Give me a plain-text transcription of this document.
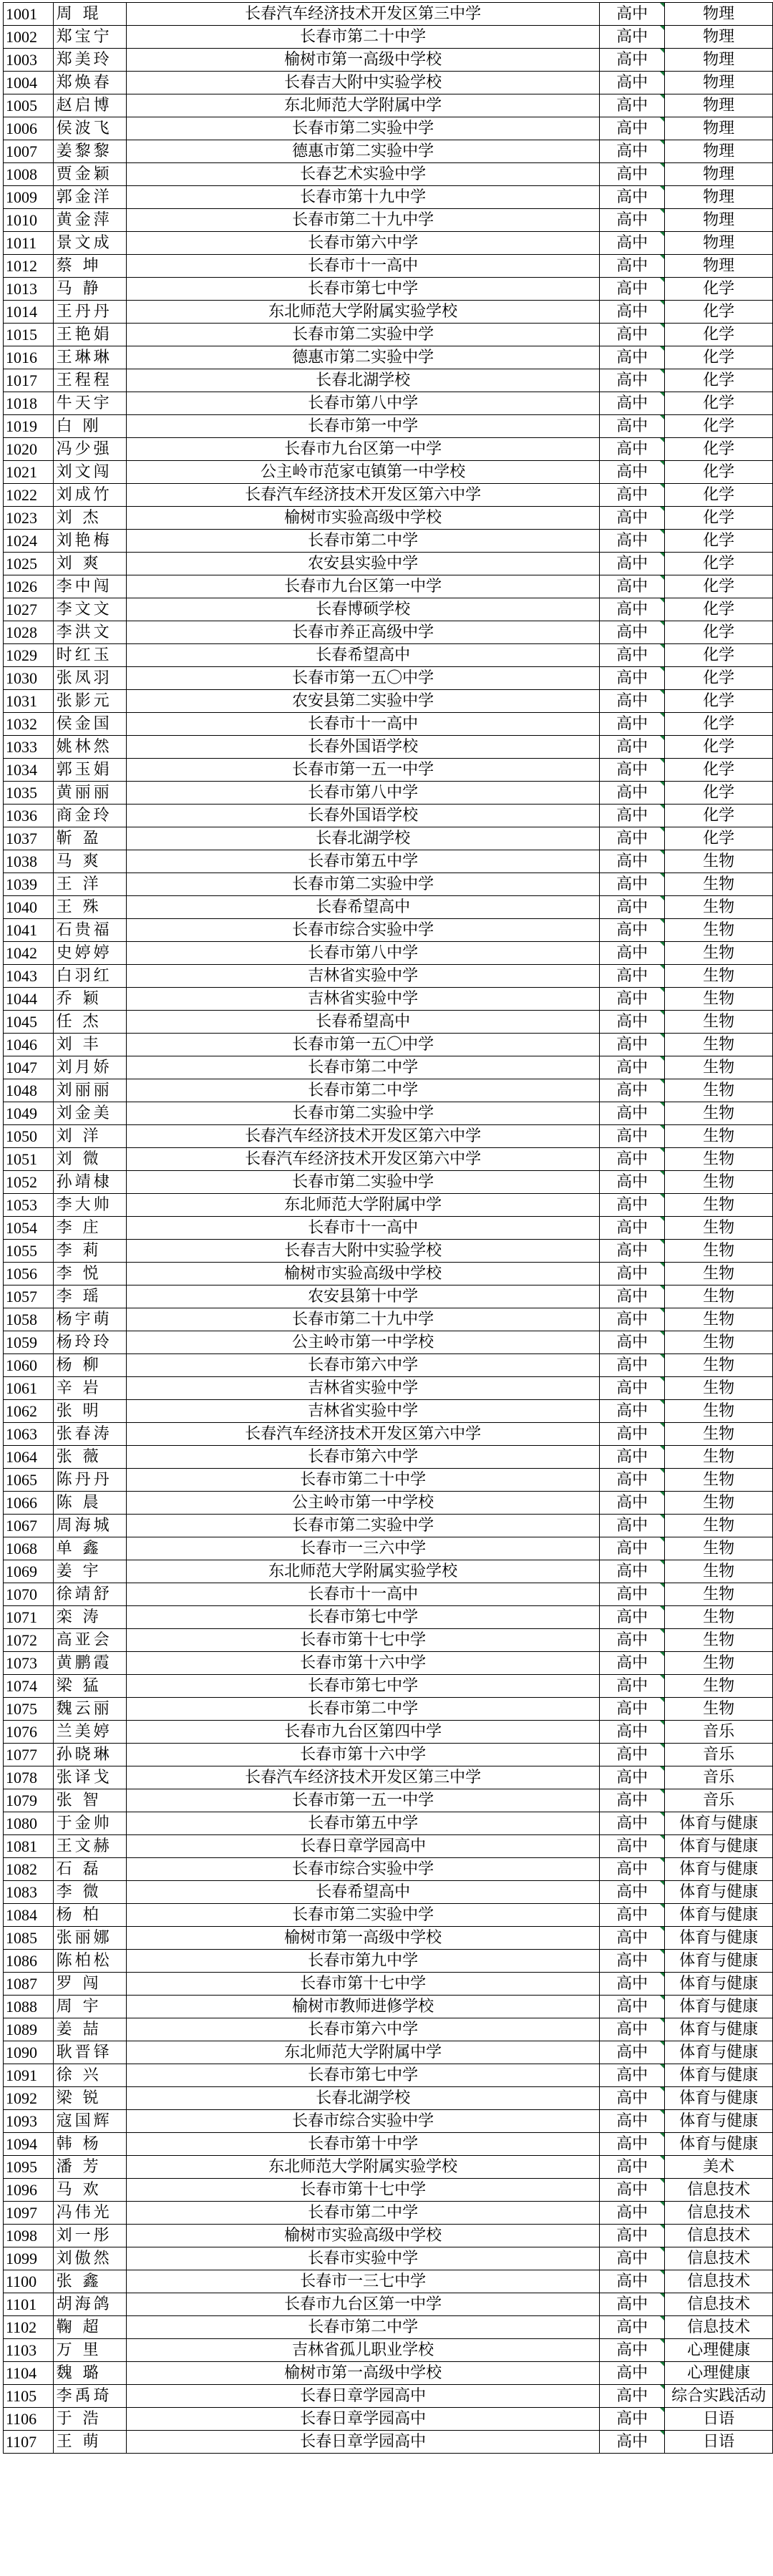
1001	周 琨	长春汽车经济技术开发区第三中学	高中	物理
1002	郑宝宁	长春市第二十中学	高中	物理
1003	郑美玲	榆树市第一高级中学校	高中	物理
1004	郑焕春	长春吉大附中实验学校	高中	物理
1005	赵启博	东北师范大学附属中学	高中	物理
1006	侯波飞	长春市第二实验中学	高中	物理
1007	姜黎黎	德惠市第二实验中学	高中	物理
1008	贾金颖	长春艺术实验中学	高中	物理
1009	郭金洋	长春市第十九中学	高中	物理
1010	黄金萍	长春市第二十九中学	高中	物理
1011	景文成	长春市第六中学	高中	物理
1012	蔡 坤	长春市十一高中	高中	物理
1013	马 静	长春市第七中学	高中	化学
1014	王丹丹	东北师范大学附属实验学校	高中	化学
1015	王艳娟	长春市第二实验中学	高中	化学
1016	王琳琳	德惠市第二实验中学	高中	化学
1017	王程程	长春北湖学校	高中	化学
1018	牛天宇	长春市第八中学	高中	化学
1019	白 刚	长春市第一中学	高中	化学
1020	冯少强	长春市九台区第一中学	高中	化学
1021	刘文闯	公主岭市范家屯镇第一中学校	高中	化学
1022	刘成竹	长春汽车经济技术开发区第六中学	高中	化学
1023	刘 杰	榆树市实验高级中学校	高中	化学
1024	刘艳梅	长春市第二中学	高中	化学
1025	刘 爽	农安县实验中学	高中	化学
1026	李中闯	长春市九台区第一中学	高中	化学
1027	李文文	长春博硕学校	高中	化学
1028	李洪文	长春市养正高级中学	高中	化学
1029	时红玉	长春希望高中	高中	化学
1030	张凤羽	长春市第一五〇中学	高中	化学
1031	张影元	农安县第二实验中学	高中	化学
1032	侯金国	长春市十一高中	高中	化学
1033	姚林然	长春外国语学校	高中	化学
1034	郭玉娟	长春市第一五一中学	高中	化学
1035	黄丽丽	长春市第八中学	高中	化学
1036	商金玲	长春外国语学校	高中	化学
1037	靳 盈	长春北湖学校	高中	化学
1038	马 爽	长春市第五中学	高中	生物
1039	王 洋	长春市第二实验中学	高中	生物
1040	王 殊	长春希望高中	高中	生物
1041	石贵福	长春市综合实验中学	高中	生物
1042	史婷婷	长春市第八中学	高中	生物
1043	白羽红	吉林省实验中学	高中	生物
1044	乔 颖	吉林省实验中学	高中	生物
1045	任 杰	长春希望高中	高中	生物
1046	刘 丰	长春市第一五〇中学	高中	生物
1047	刘月娇	长春市第二中学	高中	生物
1048	刘丽丽	长春市第二中学	高中	生物
1049	刘金美	长春市第二实验中学	高中	生物
1050	刘 洋	长春汽车经济技术开发区第六中学	高中	生物
1051	刘 微	长春汽车经济技术开发区第六中学	高中	生物
1052	孙靖棣	长春市第二实验中学	高中	生物
1053	李大帅	东北师范大学附属中学	高中	生物
1054	李 庄	长春市十一高中	高中	生物
1055	李 莉	长春吉大附中实验学校	高中	生物
1056	李 悦	榆树市实验高级中学校	高中	生物
1057	李 瑶	农安县第十中学	高中	生物
1058	杨宇萌	长春市第二十九中学	高中	生物
1059	杨玲玲	公主岭市第一中学校	高中	生物
1060	杨 柳	长春市第六中学	高中	生物
1061	辛 岩	吉林省实验中学	高中	生物
1062	张 明	吉林省实验中学	高中	生物
1063	张春涛	长春汽车经济技术开发区第六中学	高中	生物
1064	张 薇	长春市第六中学	高中	生物
1065	陈丹丹	长春市第二十中学	高中	生物
1066	陈 晨	公主岭市第一中学校	高中	生物
1067	周海城	长春市第二实验中学	高中	生物
1068	单 鑫	长春市一三六中学	高中	生物
1069	姜 宇	东北师范大学附属实验学校	高中	生物
1070	徐靖舒	长春市十一高中	高中	生物
1071	栾 涛	长春市第七中学	高中	生物
1072	高亚会	长春市第十七中学	高中	生物
1073	黄鹏霞	长春市第十六中学	高中	生物
1074	梁 猛	长春市第七中学	高中	生物
1075	魏云丽	长春市第二中学	高中	生物
1076	兰美婷	长春市九台区第四中学	高中	音乐
1077	孙晓琳	长春市第十六中学	高中	音乐
1078	张译戈	长春汽车经济技术开发区第三中学	高中	音乐
1079	张 智	长春市第一五一中学	高中	音乐
1080	于金帅	长春市第五中学	高中	体育与健康
1081	王文赫	长春日章学园高中	高中	体育与健康
1082	石 磊	长春市综合实验中学	高中	体育与健康
1083	李 微	长春希望高中	高中	体育与健康
1084	杨 柏	长春市第二实验中学	高中	体育与健康
1085	张丽娜	榆树市第一高级中学校	高中	体育与健康
1086	陈柏松	长春市第九中学	高中	体育与健康
1087	罗 闯	长春市第十七中学	高中	体育与健康
1088	周 宇	榆树市教师进修学校	高中	体育与健康
1089	姜 喆	长春市第六中学	高中	体育与健康
1090	耿晋铎	东北师范大学附属中学	高中	体育与健康
1091	徐 兴	长春市第七中学	高中	体育与健康
1092	梁 锐	长春北湖学校	高中	体育与健康
1093	寇国辉	长春市综合实验中学	高中	体育与健康
1094	韩 杨	长春市第十中学	高中	体育与健康
1095	潘 芳	东北师范大学附属实验学校	高中	美术
1096	马 欢	长春市第十七中学	高中	信息技术
1097	冯伟光	长春市第二中学	高中	信息技术
1098	刘一彤	榆树市实验高级中学校	高中	信息技术
1099	刘傲然	长春市实验中学	高中	信息技术
1100	张 鑫	长春市一三七中学	高中	信息技术
1101	胡海鸽	长春市九台区第一中学	高中	信息技术
1102	鞠 超	长春市第二中学	高中	信息技术
1103	万 里	吉林省孤儿职业学校	高中	心理健康
1104	魏 璐	榆树市第一高级中学校	高中	心理健康
1105	李禹琦	长春日章学园高中	高中	综合实践活动
1106	于 浩	长春日章学园高中	高中	日语
1107	王 萌	长春日章学园高中	高中	日语
